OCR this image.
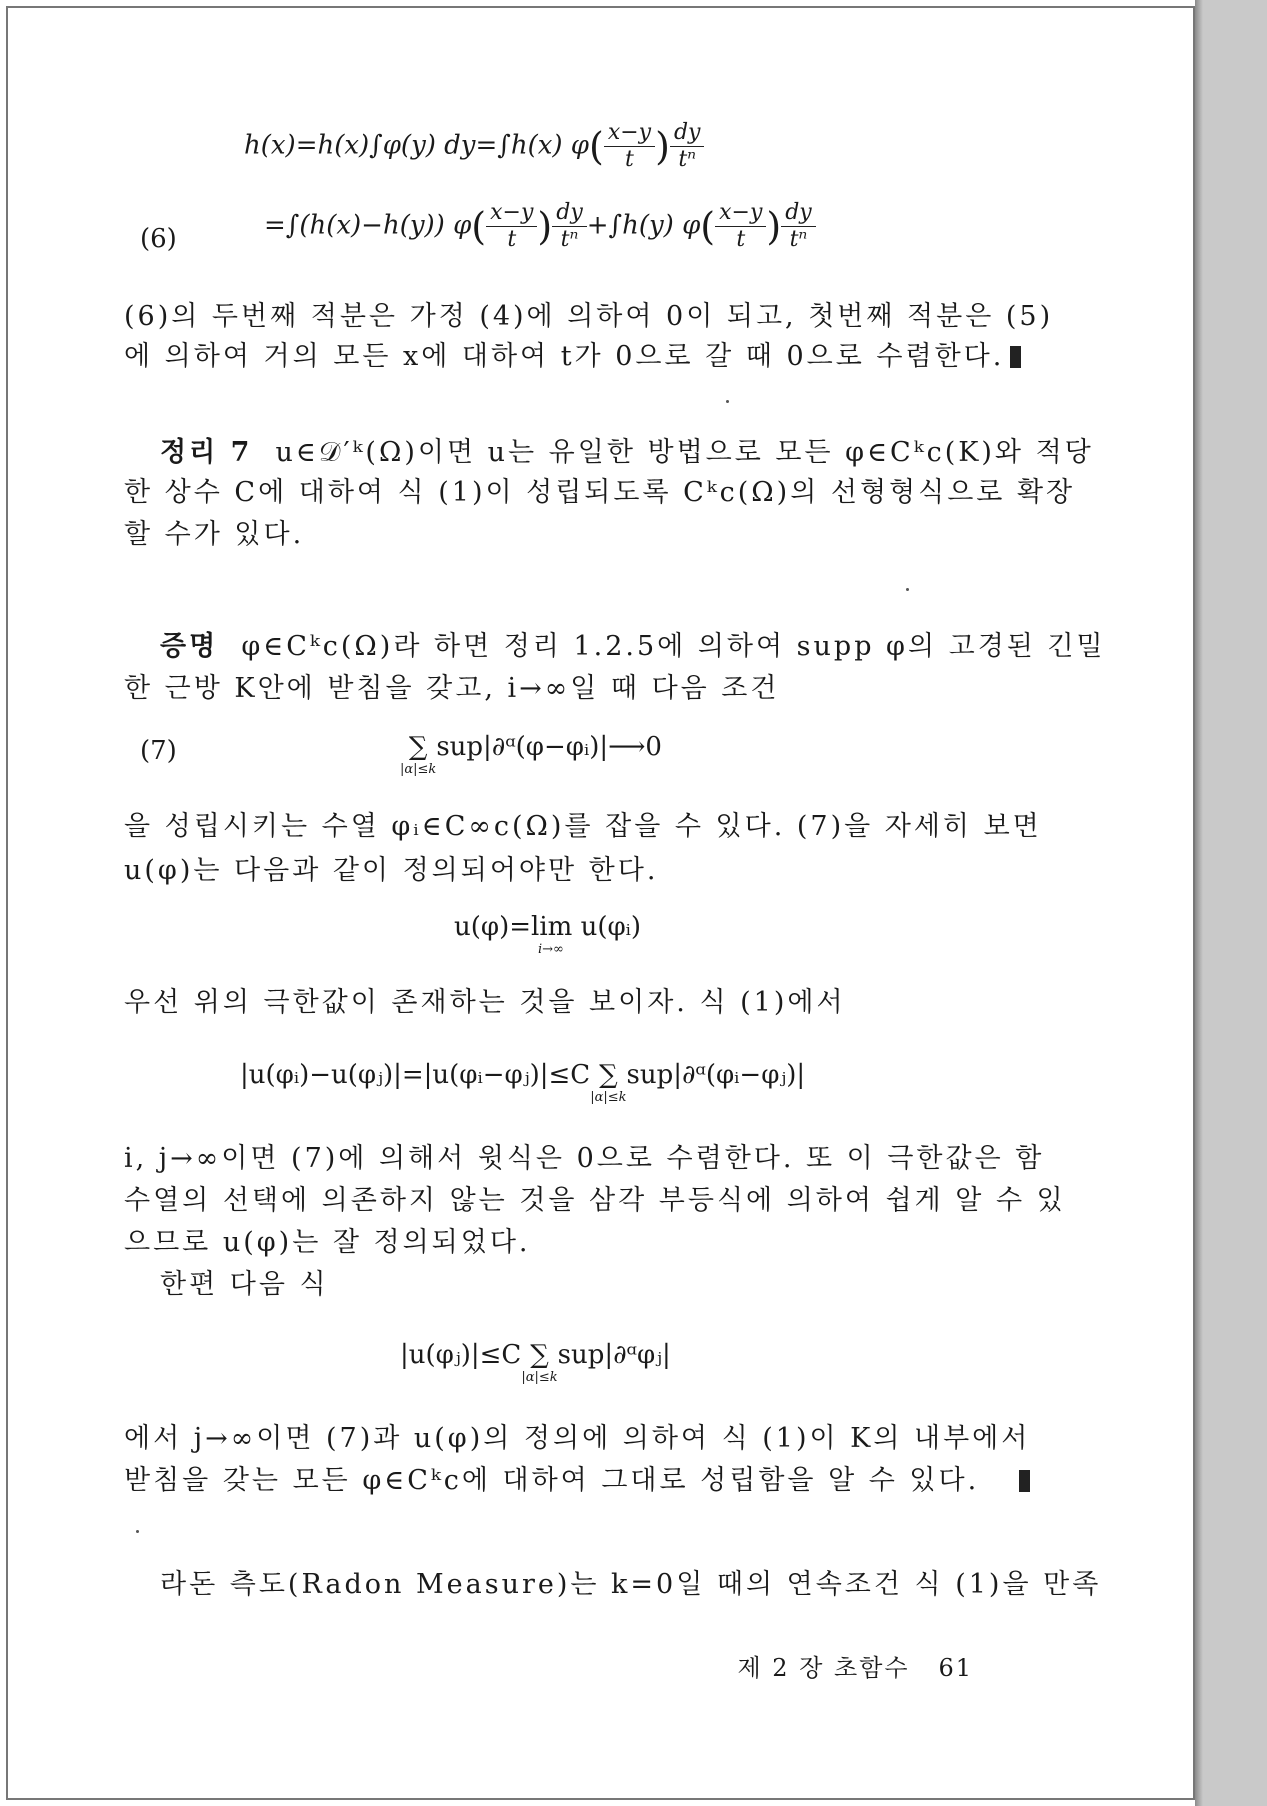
h(x)=h(x)∫φ(y) dy=∫h(x) $\varphi( \frac{x-y}{t}$ ) $\frac{dy}{\text{tⁿ}}$
(6)	=∫(h(x)−h(y)) $\varphi( \frac{x-y}{t}$ ) $\frac{dy}{\text{tⁿ}} +\int h(y)$ $\varphi( \frac{x-y}{t}$ ) $\frac{dy}{\text{tⁿ}}$
(6)의 두번째 적분은 가정 (4)에 의하여 0이 되고, 첫번째 적분은 (5)
에 의하여 거의 모든 x에 대하여 t가 0으로 갈 때 0으로 수렴한다.
정리 7 u∈𝒟′ᵏ(Ω)이면 u는 유일한 방법으로 모든 φ∈Cᵏc(K)와 적당
한 상수 C에 대하여 식 (1)이 성립되도록 Cᵏc(Ω)의 선형형식으로 확장
할 수가 있다.
증명 φ∈Cᵏc(Ω)라 하면 정리 1.2.5에 의하여 supp φ의 고경된 긴밀
한 근방 K안에 받침을 갖고, i→∞일 때 다음 조건
(7)	∑
|α|≤k
sup|∂ᵅ(φ−φᵢ)|⟶0
을 성립시키는 수열 φᵢ∈C∞c(Ω)를 잡을 수 있다. (7)을 자세히 보면
u(φ)는 다음과 같이 정의되어야만 한다.
u(φ)=lim u(φᵢ)
i→∞
우선 위의 극한값이 존재하는 것을 보이자. 식 (1)에서
|u(φᵢ)−u(φⱼ)|=|u(φᵢ−φⱼ)|≤C ∑
|α|≤k
sup|∂ᵅ(φᵢ−φⱼ)|
i, j→∞이면 (7)에 의해서 윗식은 0으로 수렴한다. 또 이 극한값은 함
수열의 선택에 의존하지 않는 것을 삼각 부등식에 의하여 쉽게 알 수 있
으므로 u(φ)는 잘 정의되었다.
한편 다음 식
|u(φⱼ)|≤C ∑
|α|≤k
sup|∂ᵅφⱼ|
에서 j→∞이면 (7)과 u(φ)의 정의에 의하여 식 (1)이 K의 내부에서
받침을 갖는 모든 φ∈Cᵏc에 대하여 그대로 성립함을 알 수 있다.
라돈 측도(Radon Measure)는 k=0일 때의 연속조건 식 (1)을 만족
제 2 장 초함수 61
